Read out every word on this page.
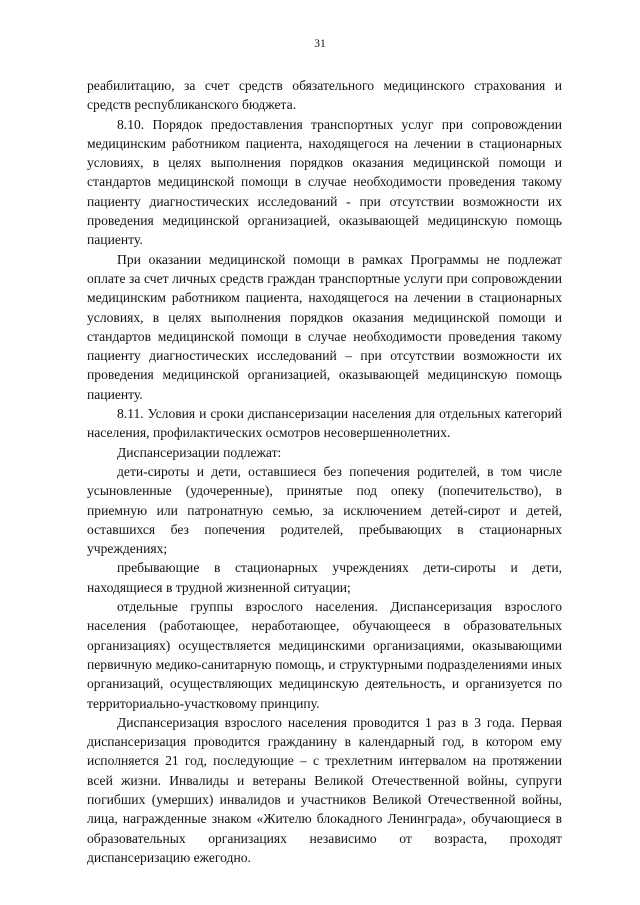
31

реабилитацию, за счет средств обязательного медицинского страхования и средств республиканского бюджета.

8.10. Порядок предоставления транспортных услуг при сопровождении медицинским работником пациента, находящегося на лечении в стационарных условиях, в целях выполнения порядков оказания медицинской помощи и стандартов медицинской помощи в случае необходимости проведения такому пациенту диагностических исследований - при отсутствии возможности их проведения медицинской организацией, оказывающей медицинскую помощь пациенту.

При оказании медицинской помощи в рамках Программы не подлежат оплате за счет личных средств граждан транспортные услуги при сопровождении медицинским работником пациента, находящегося на лечении в стационарных условиях, в целях выполнения порядков оказания медицинской помощи и стандартов медицинской помощи в случае необходимости проведения такому пациенту диагностических исследований – при отсутствии возможности их проведения медицинской организацией, оказывающей медицинскую помощь пациенту.

8.11. Условия и сроки диспансеризации населения для отдельных категорий населения, профилактических осмотров несовершеннолетних.

Диспансеризации подлежат:

дети-сироты и дети, оставшиеся без попечения родителей, в том числе усыновленные (удочеренные), принятые под опеку (попечительство), в приемную или патронатную семью, за исключением детей-сирот и детей, оставшихся без попечения родителей, пребывающих в стационарных учреждениях;

пребывающие в стационарных учреждениях дети-сироты и дети, находящиеся в трудной жизненной ситуации;

отдельные группы взрослого населения. Диспансеризация взрослого населения (работающее, неработающее, обучающееся в образовательных организациях) осуществляется медицинскими организациями, оказывающими первичную медико-санитарную помощь, и структурными подразделениями иных организаций, осуществляющих медицинскую деятельность, и организуется по территориально-участковому принципу.

Диспансеризация взрослого населения проводится 1 раз в 3 года. Первая диспансеризация проводится гражданину в календарный год, в котором ему исполняется 21 год, последующие – с трехлетним интервалом на протяжении всей жизни. Инвалиды и ветераны Великой Отечественной войны, супруги погибших (умерших) инвалидов и участников Великой Отечественной войны, лица, награжденные знаком «Жителю блокадного Ленинграда», обучающиеся в образовательных организациях независимо от возраста, проходят диспансеризацию ежегодно.
